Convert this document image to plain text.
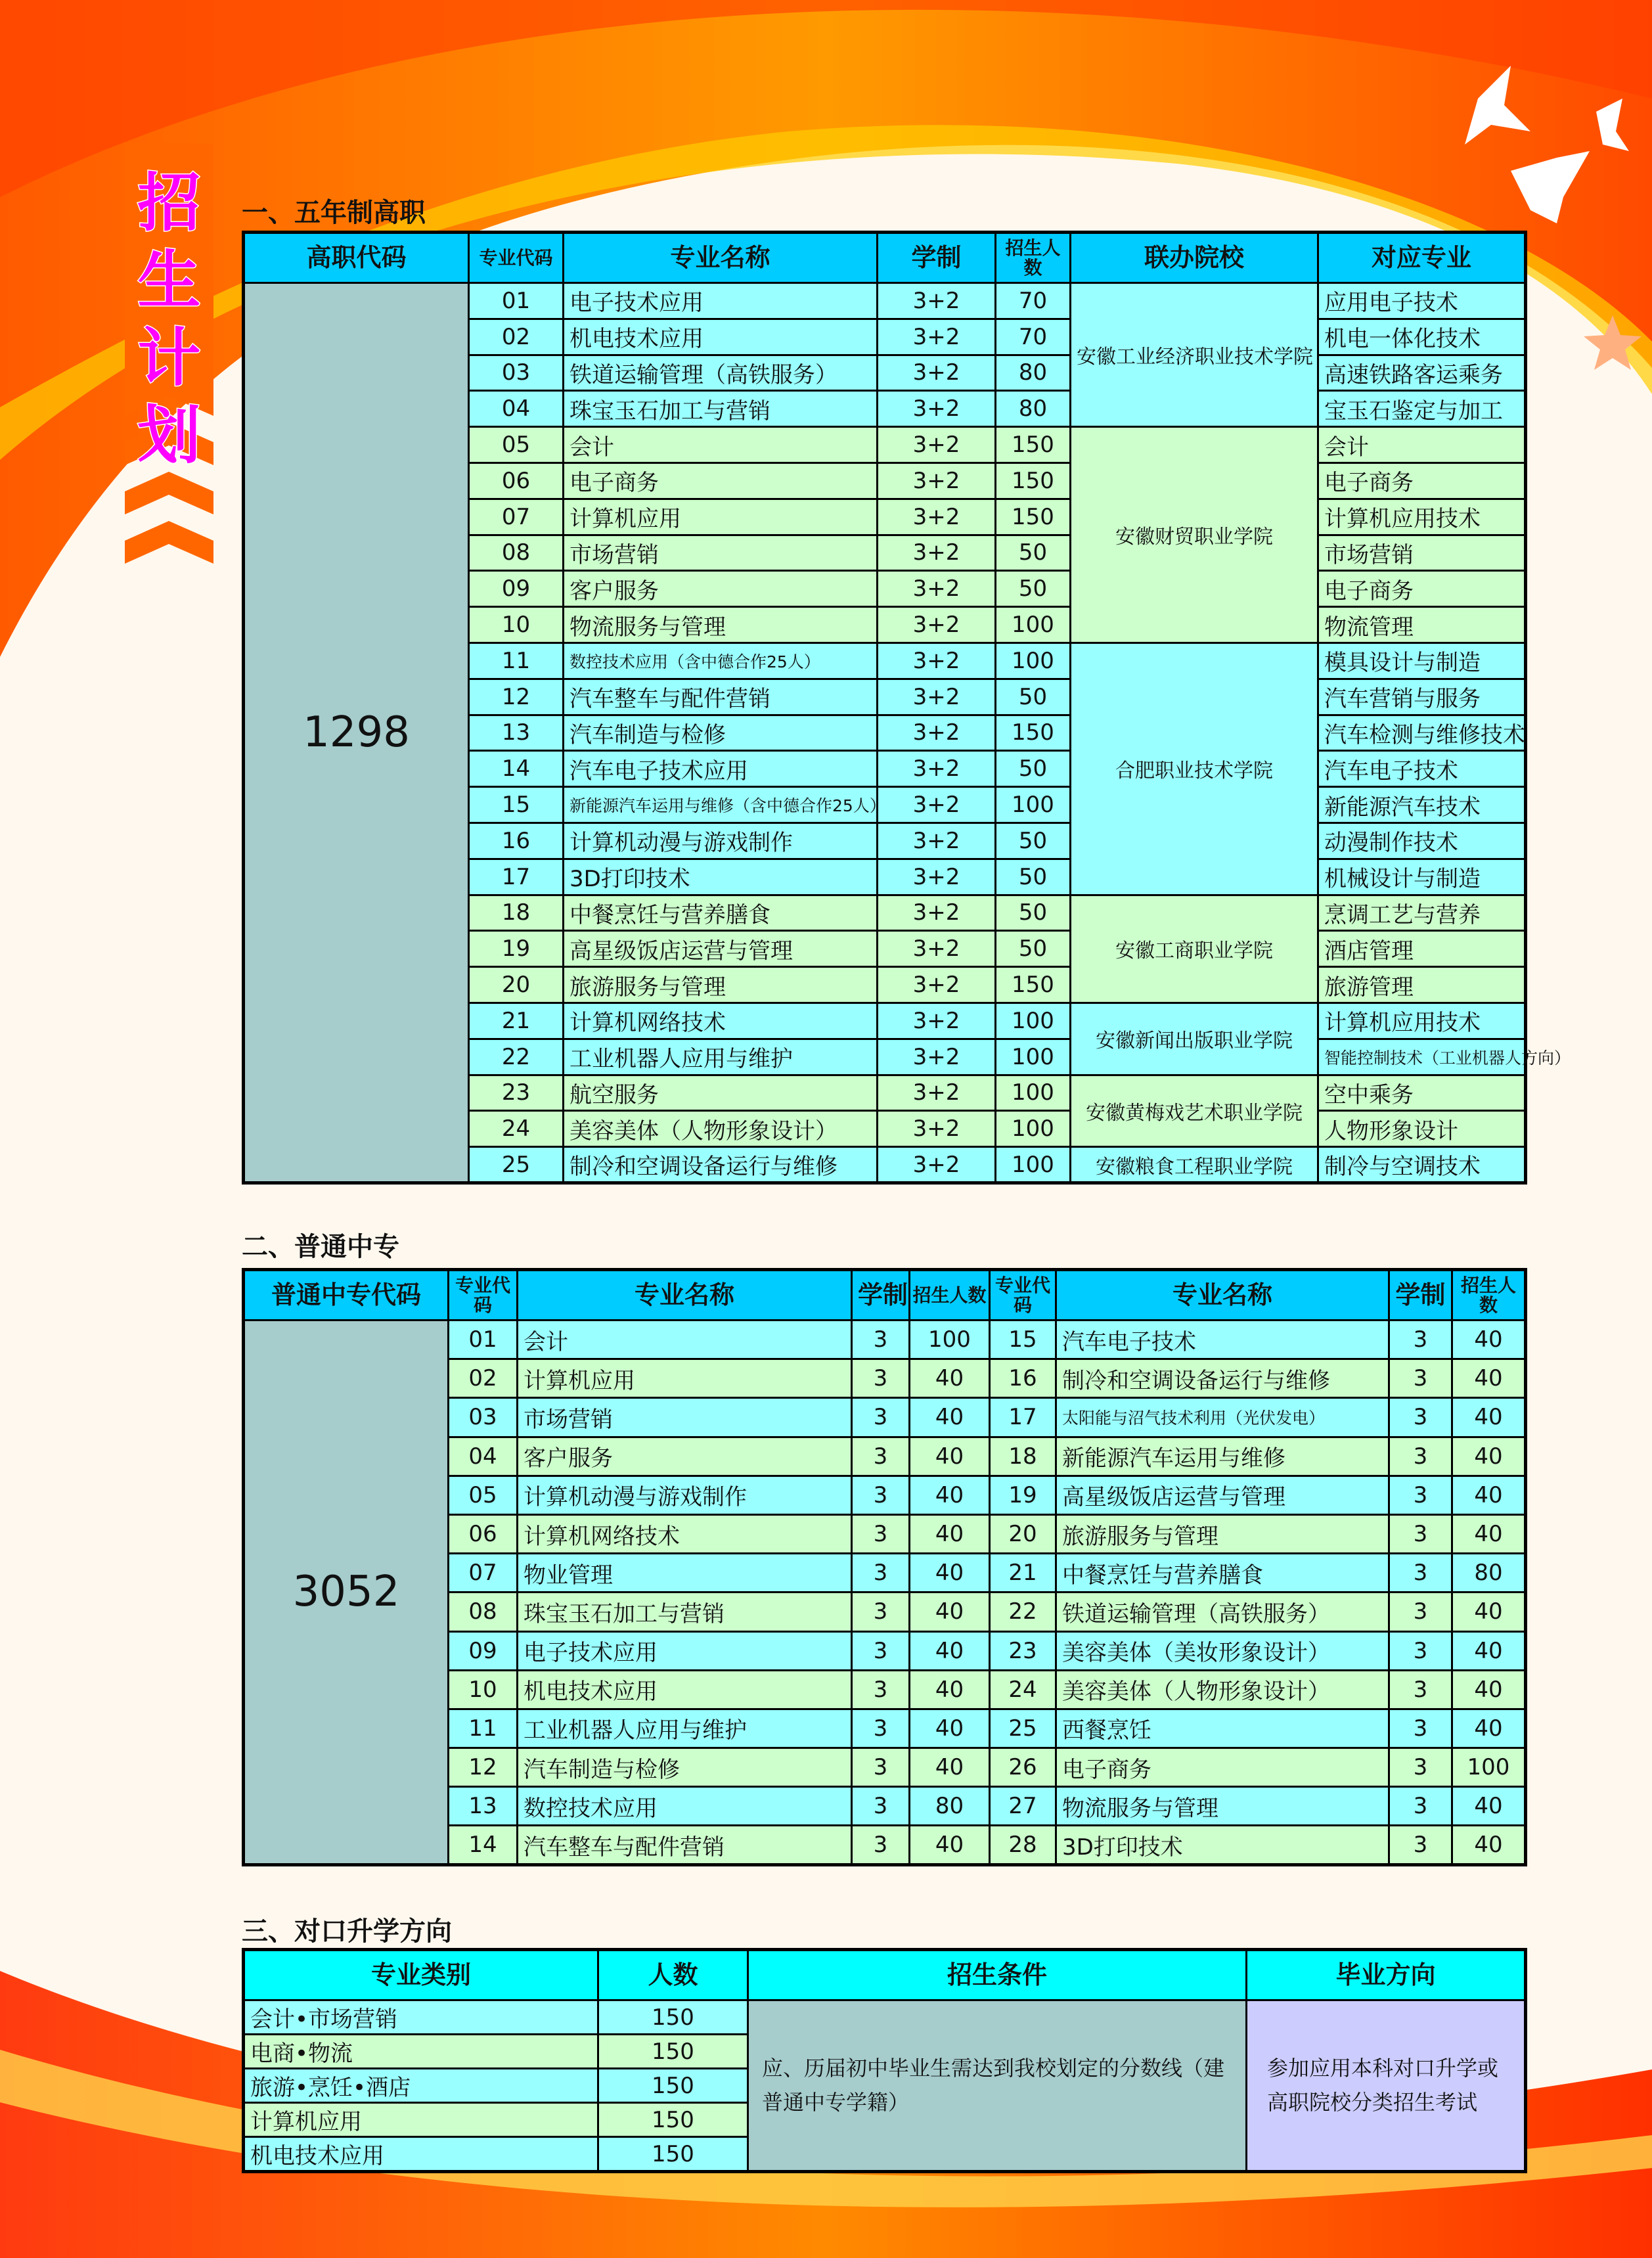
招生计划
一、五年制高职
高职代码	专业代码	专业名称	学制	招生人数	联办院校	对应专业
1298	01	电子技术应用	3+2	70	安徽工业经济职业技术学院	应用电子技术
	02	机电技术应用	3+2	70		机电一体化技术
	03	铁道运输管理（高铁服务）	3+2	80		高速铁路客运乘务
	04	珠宝玉石加工与营销	3+2	80		宝玉石鉴定与加工
	05	会计	3+2	150	安徽财贸职业学院	会计
	06	电子商务	3+2	150		电子商务
	07	计算机应用	3+2	150		计算机应用技术
	08	市场营销	3+2	50		市场营销
	09	客户服务	3+2	50		电子商务
	10	物流服务与管理	3+2	100		物流管理
	11	数控技术应用（含中德合作25人）	3+2	100	合肥职业技术学院	模具设计与制造
	12	汽车整车与配件营销	3+2	50		汽车营销与服务
	13	汽车制造与检修	3+2	150		汽车检测与维修技术
	14	汽车电子技术应用	3+2	50		汽车电子技术
	15	新能源汽车运用与维修（含中德合作25人）	3+2	100		新能源汽车技术
	16	计算机动漫与游戏制作	3+2	50		动漫制作技术
	17	3D打印技术	3+2	50		机械设计与制造
	18	中餐烹饪与营养膳食	3+2	50	安徽工商职业学院	烹调工艺与营养
	19	高星级饭店运营与管理	3+2	50		酒店管理
	20	旅游服务与管理	3+2	150		旅游管理
	21	计算机网络技术	3+2	100	安徽新闻出版职业学院	计算机应用技术
	22	工业机器人应用与维护	3+2	100		智能控制技术（工业机器人方向）
	23	航空服务	3+2	100	安徽黄梅戏艺术职业学院	空中乘务
	24	美容美体（人物形象设计）	3+2	100		人物形象设计
	25	制冷和空调设备运行与维修	3+2	100	安徽粮食工程职业学院	制冷与空调技术
二、普通中专
普通中专代码	专业代码	专业名称	学制	招生人数	专业代码	专业名称	学制	招生人数
3052	01	会计	3	100	15	汽车电子技术	3	40
	02	计算机应用	3	40	16	制冷和空调设备运行与维修	3	40
	03	市场营销	3	40	17	太阳能与沼气技术利用（光伏发电）	3	40
	04	客户服务	3	40	18	新能源汽车运用与维修	3	40
	05	计算机动漫与游戏制作	3	40	19	高星级饭店运营与管理	3	40
	06	计算机网络技术	3	40	20	旅游服务与管理	3	40
	07	物业管理	3	40	21	中餐烹饪与营养膳食	3	80
	08	珠宝玉石加工与营销	3	40	22	铁道运输管理（高铁服务）	3	40
	09	电子技术应用	3	40	23	美容美体（美妆形象设计）	3	40
	10	机电技术应用	3	40	24	美容美体（人物形象设计）	3	40
	11	工业机器人应用与维护	3	40	25	西餐烹饪	3	40
	12	汽车制造与检修	3	40	26	电子商务	3	100
	13	数控技术应用	3	80	27	物流服务与管理	3	40
	14	汽车整车与配件营销	3	40	28	3D打印技术	3	40
三、对口升学方向
专业类别	人数	招生条件	毕业方向
会计•市场营销	150	应、历届初中毕业生需达到我校划定的分数线（建普通中专学籍）	参加应用本科对口升学或高职院校分类招生考试
电商•物流	150		
旅游•烹饪•酒店	150		
计算机应用	150		
机电技术应用	150		
